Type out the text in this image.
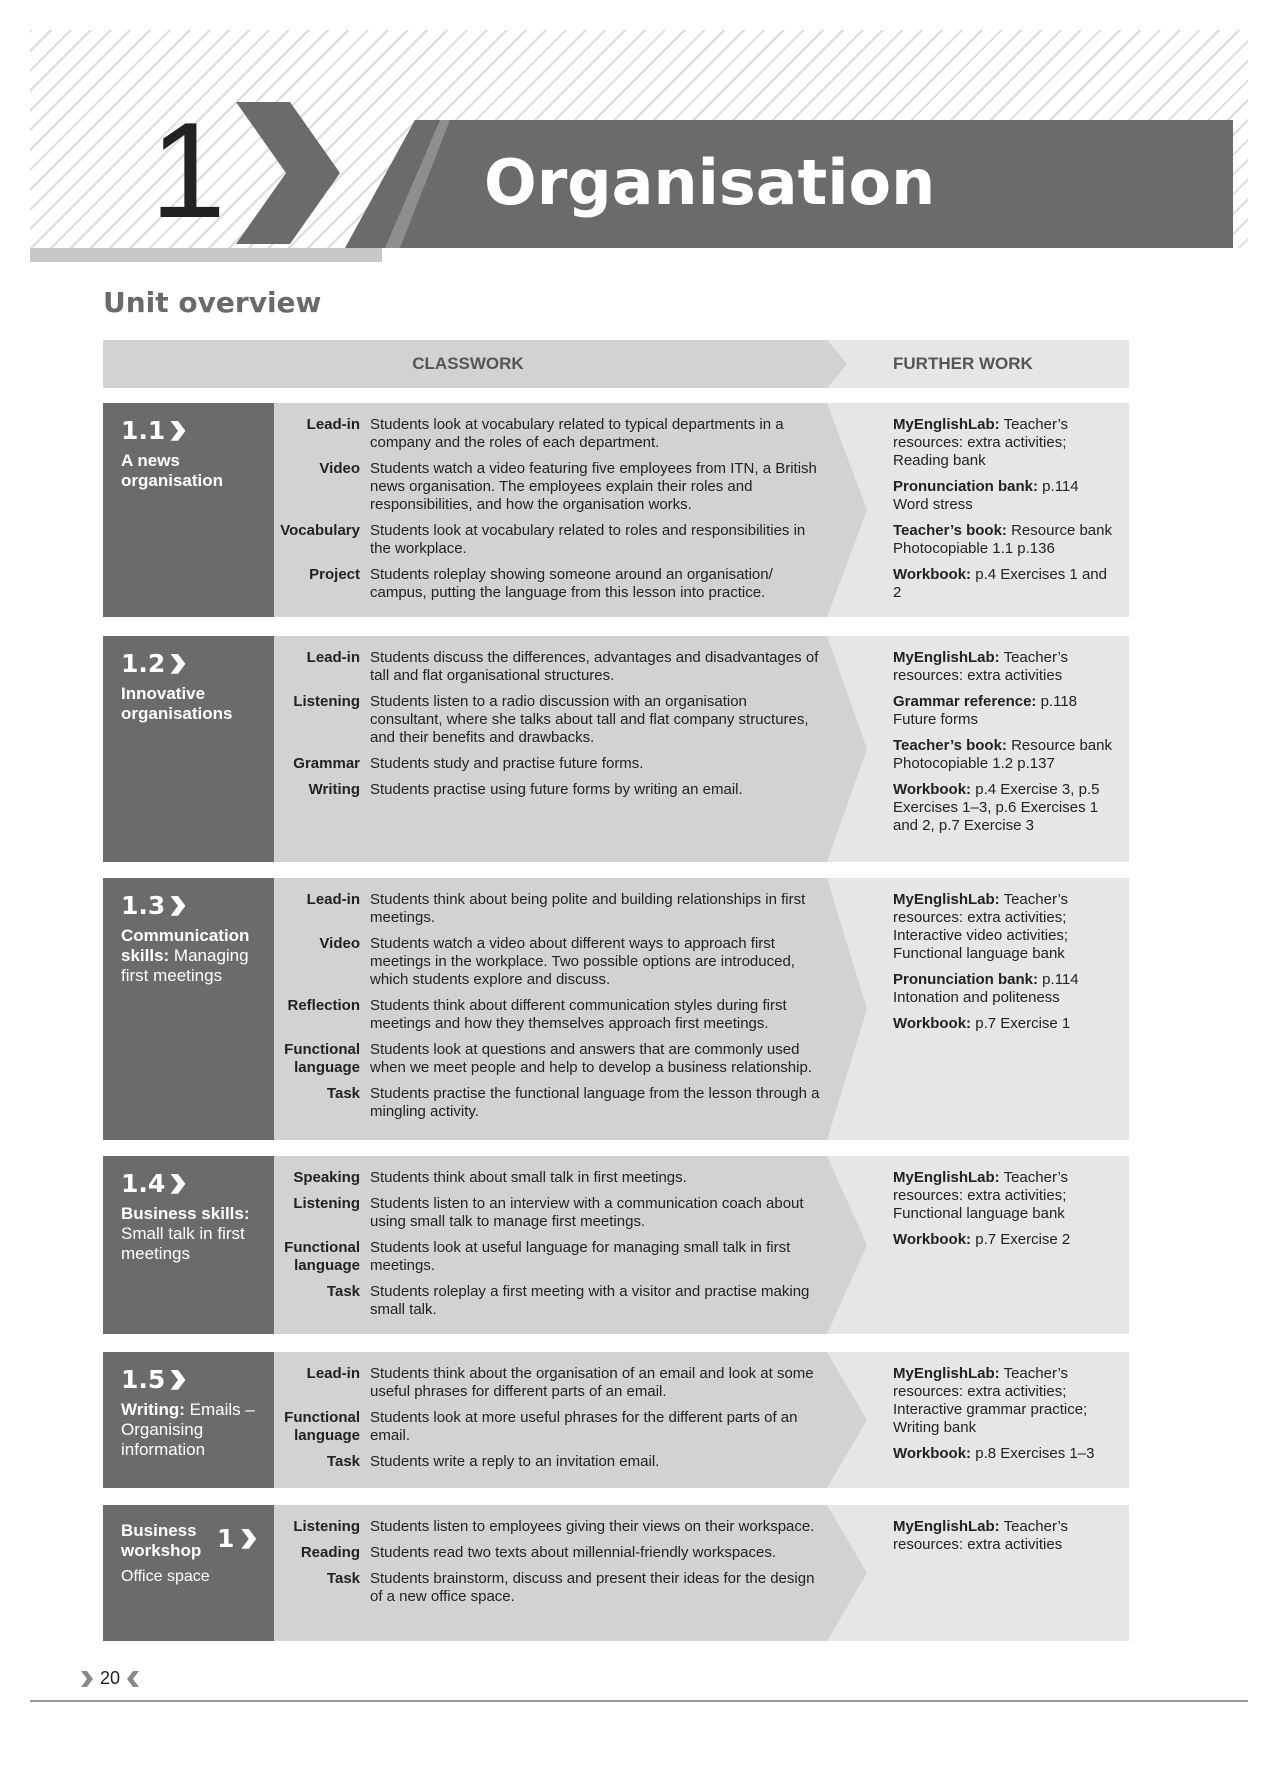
1	Organisation
Unit overview
CLASSWORK	FURTHER WORK
1.1
A news organisation
Lead-in Students look at vocabulary related to typical departments in a company and the roles of each department.
Video Students watch a video featuring five employees from ITN, a British news organisation. The employees explain their roles and responsibilities, and how the organisation works.
Vocabulary Students look at vocabulary related to roles and responsibilities in the workplace.
Project Students roleplay showing someone around an organisation/ campus, putting the language from this lesson into practice.
MyEnglishLab: Teacher’s resources: extra activities; Reading bank
Pronunciation bank: p.114 Word stress
Teacher’s book: Resource bank Photocopiable 1.1 p.136
Workbook: p.4 Exercises 1 and 2
1.2
Innovative organisations
Lead-in Students discuss the differences, advantages and disadvantages of tall and flat organisational structures.
Listening Students listen to a radio discussion with an organisation consultant, where she talks about tall and flat company structures, and their benefits and drawbacks.
Grammar Students study and practise future forms.
Writing Students practise using future forms by writing an email.
MyEnglishLab: Teacher’s resources: extra activities
Grammar reference: p.118 Future forms
Teacher’s book: Resource bank Photocopiable 1.2 p.137
Workbook: p.4 Exercise 3, p.5 Exercises 1–3, p.6 Exercises 1 and 2, p.7 Exercise 3
1.3
Communication skills: Managing first meetings
Lead-in Students think about being polite and building relationships in first meetings.
Video Students watch a video about different ways to approach first meetings in the workplace. Two possible options are introduced, which students explore and discuss.
Reflection Students think about different communication styles during first meetings and how they themselves approach first meetings.
Functional language
Students look at questions and answers that are commonly used when we meet people and help to develop a business relationship.
Task Students practise the functional language from the lesson through a mingling activity.
MyEnglishLab: Teacher’s resources: extra activities; Interactive video activities; Functional language bank
Pronunciation bank: p.114 Intonation and politeness
Workbook: p.7 Exercise 1
1.4
Business skills: Small talk in first meetings
Speaking Students think about small talk in first meetings.
Listening Students listen to an interview with a communication coach about using small talk to manage first meetings.
Functional language
Students look at useful language for managing small talk in first meetings.
Task Students roleplay a first meeting with a visitor and practise making small talk.
MyEnglishLab: Teacher’s resources: extra activities; Functional language bank
Workbook: p.7 Exercise 2
1.5
Writing: Emails – Organising information
Lead-in Students think about the organisation of an email and look at some useful phrases for different parts of an email.
Functional language
Students look at more useful phrases for the different parts of an email.
Task Students write a reply to an invitation email.
MyEnglishLab: Teacher’s resources: extra activities; Interactive grammar practice; Writing bank
Workbook: p.8 Exercises 1–3
Business workshop 1
Office space
Listening Students listen to employees giving their views on their workspace.
Reading Students read two texts about millennial-friendly workspaces.
Task Students brainstorm, discuss and present their ideas for the design of a new office space.
MyEnglishLab: Teacher’s resources: extra activities
20
